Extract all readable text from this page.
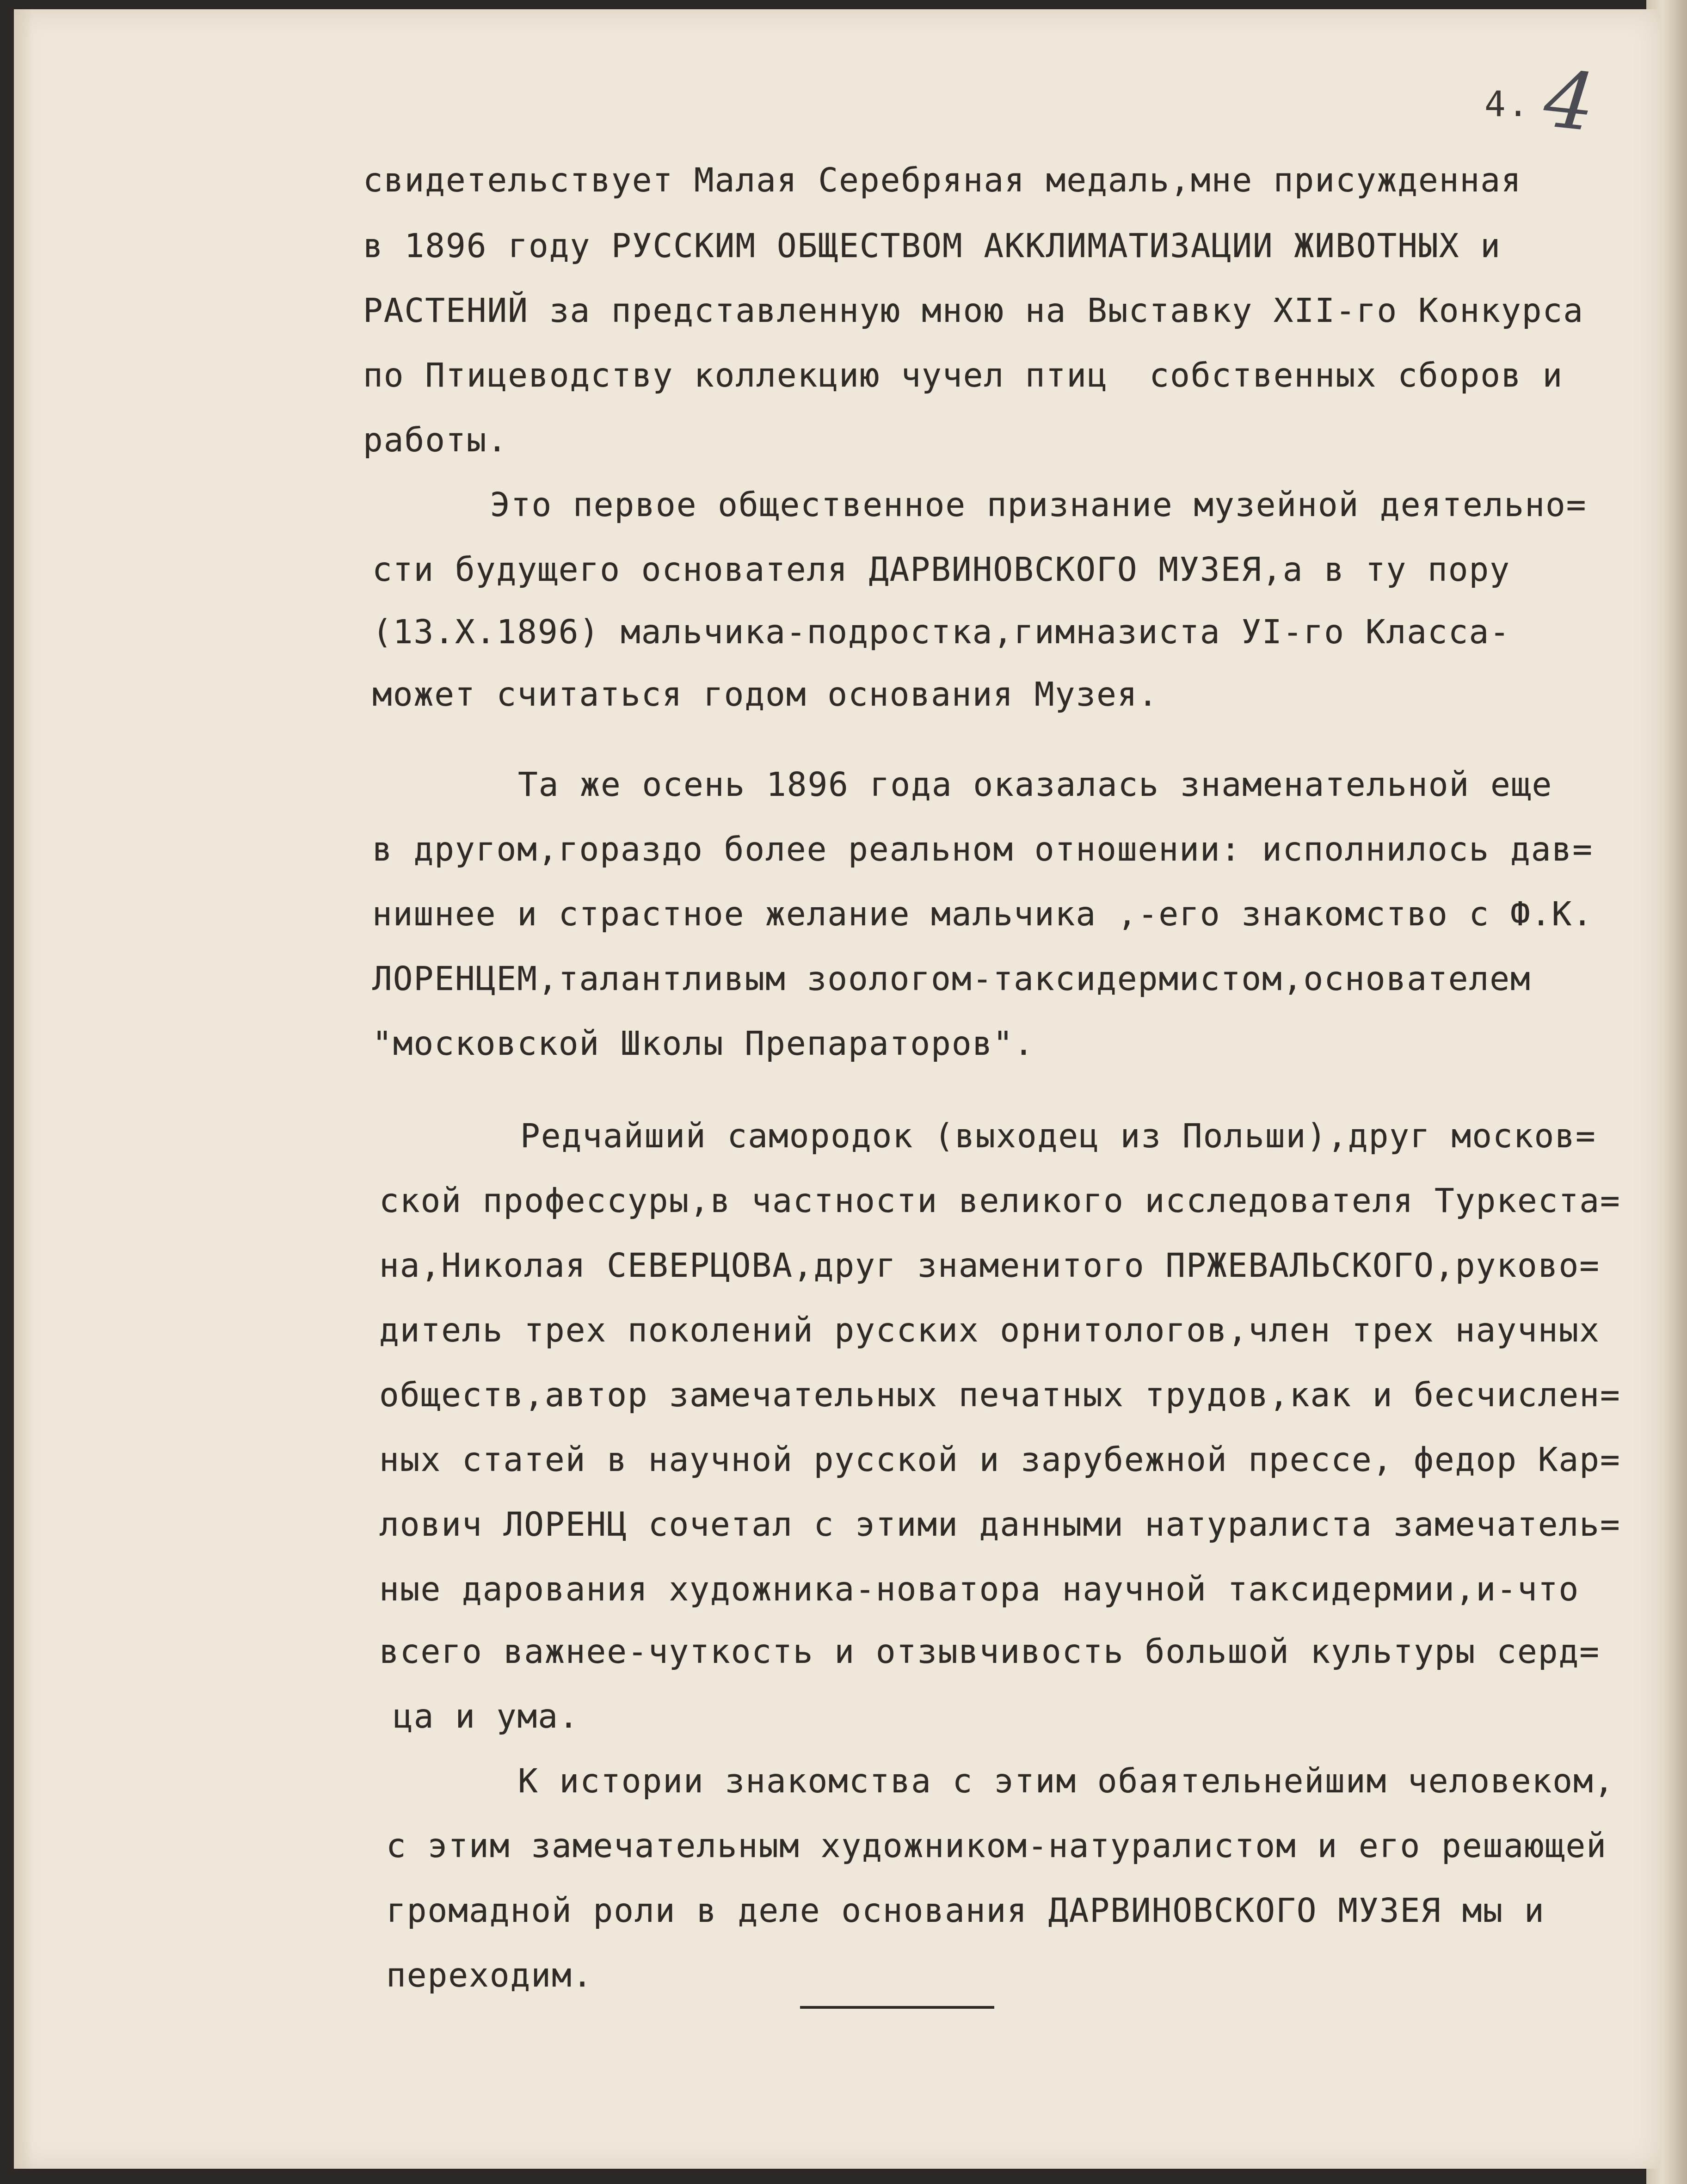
4. 4
свидетельствует Малая Серебряная медаль,мне присужденная
в 1896 году РУССКИМ ОБЩЕСТВОМ АККЛИМАТИЗАЦИИ ЖИВОТНЫХ и
РАСТЕНИЙ за представленную мною на Выставку XII-го Конкурса
по Птицеводству коллекцию чучел птиц  собственных сборов и
работы.
Это первое общественное признание музейной деятельно=
сти будущего основателя ДАРВИНОВСКОГО МУЗЕЯ,а в ту пору
(13.X.1896) мальчика-подростка,гимназиста УI-го Класса-
может считаться годом основания Музея.
Та же осень 1896 года оказалась знаменательной еще
в другом,гораздо более реальном отношении: исполнилось дав=
нишнее и страстное желание мальчика ,-его знакомство с Ф.К.
ЛОРЕНЦЕМ,талантливым зоологом-таксидермистом,основателем
"московской Школы Препараторов".
Редчайший самородок (выходец из Польши),друг москов=
ской профессуры,в частности великого исследователя Туркеста=
на,Николая СЕВЕРЦОВА,друг знаменитого ПРЖЕВАЛЬСКОГО,руково=
дитель трех поколений русских орнитологов,член трех научных
обществ,автор замечательных печатных трудов,как и бесчислен=
ных статей в научной русской и зарубежной прессе, федор Кар=
лович ЛОРЕНЦ сочетал с этими данными натуралиста замечатель=
ные дарования художника-новатора научной таксидермии,и-что
всего важнее-чуткость и отзывчивость большой культуры серд=
ца и ума.
К истории знакомства с этим обаятельнейшим человеком,
с этим замечательным художником-натуралистом и его решающей
громадной роли в деле основания ДАРВИНОВСКОГО МУЗЕЯ мы и
переходим.
